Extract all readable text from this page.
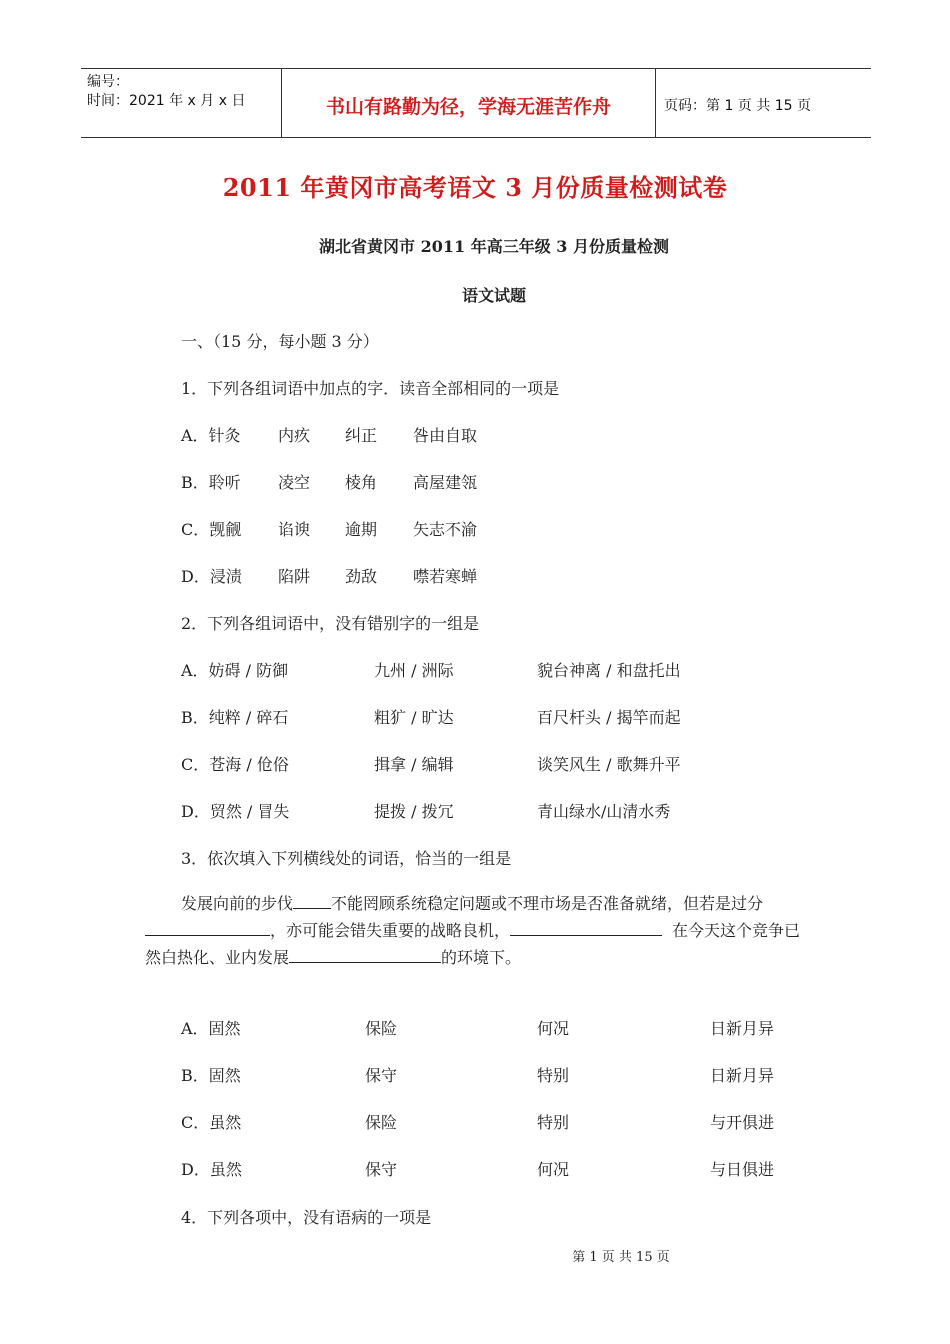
编号：
时间：2021 年 x 月 x 日	书山有路勤为径，学海无涯苦作舟	页码：第 1 页 共 15 页
2011 年黄冈市高考语文 3 月份质量检测试卷
湖北省黄冈市 2011 年高三年级 3 月份质量检测
语文试题
一、（15 分，每小题 3 分）
1．下列各组词语中加点的字．读音全部相同的一项是
A．针灸 内疚 纠正 咎由自取
B．聆听 凌空 棱角 高屋建瓴
C．觊觎 谄谀 逾期 矢志不渝
D．浸渍 陷阱 劲敌 噤若寒蝉
2．下列各组词语中，没有错别字的一组是
A．妨碍 / 防御	九州 / 洲际	貌台神离 / 和盘托出
B．纯粹 / 碎石	粗犷 / 旷达	百尺杆头 / 揭竿而起
C．苍海 / 伧俗	揖拿 / 编辑	谈笑风生 / 歌舞升平
D．贸然 / 冒失	提拨 / 拨冗	青山绿水/山清水秀
3．依次填入下列横线处的词语，恰当的一组是
发展向前的步伐 不能罔顾系统稳定问题或不理市场是否准备就绪，但若是过分，亦可能会错失重要的战略良机，	在今天这个竞争已然白热化、业内发展	的环境下。
A．固然	保险	何况	日新月异
B．固然	保守	特别	日新月异
C．虽然	保险	特别	与开俱进
D．虽然	保守	何况	与日俱进
4．下列各项中，没有语病的一项是
第 1 页 共 15 页
